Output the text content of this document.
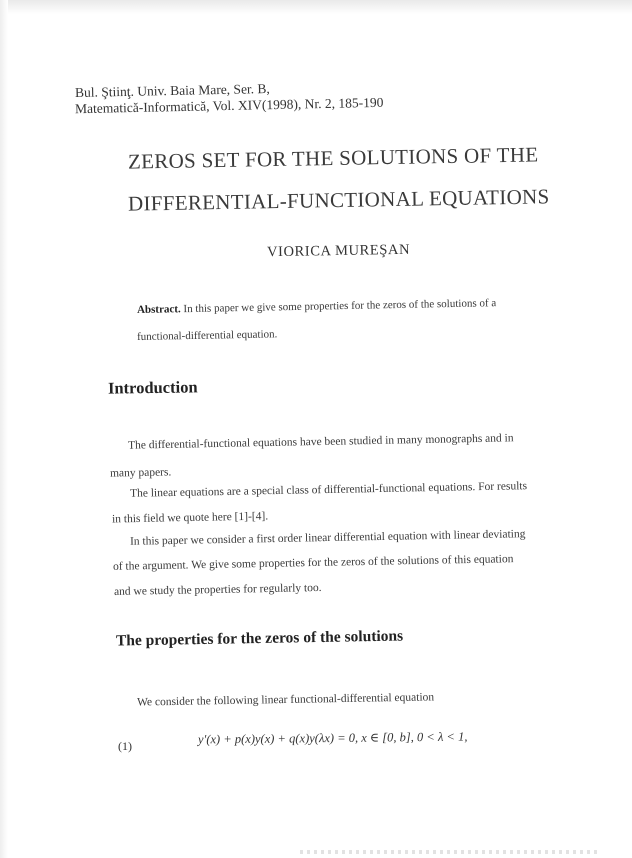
Bul. Ştiinţ. Univ. Baia Mare, Ser. B,
Matematică-Informatică, Vol. XIV(1998), Nr. 2, 185-190
ZEROS SET FOR THE SOLUTIONS OF THE
DIFFERENTIAL-FUNCTIONAL EQUATIONS
VIORICA MUREŞAN
Abstract. In this paper we give some properties for the zeros of the solutions of a
functional-differential equation.
Introduction
The differential-functional equations have been studied in many monographs and in
many papers.
The linear equations are a special class of differential-functional equations. For results
in this field we quote here [1]-[4].
In this paper we consider a first order linear differential equation with linear deviating
of the argument. We give some properties for the zeros of the solutions of this equation
and we study the properties for regularly too.
The properties for the zeros of the solutions
We consider the following linear functional-differential equation
(1)	y′(x) + p(x)y(x) + q(x)y(λx) = 0, x ∈ [0, b], 0 < λ < 1,
